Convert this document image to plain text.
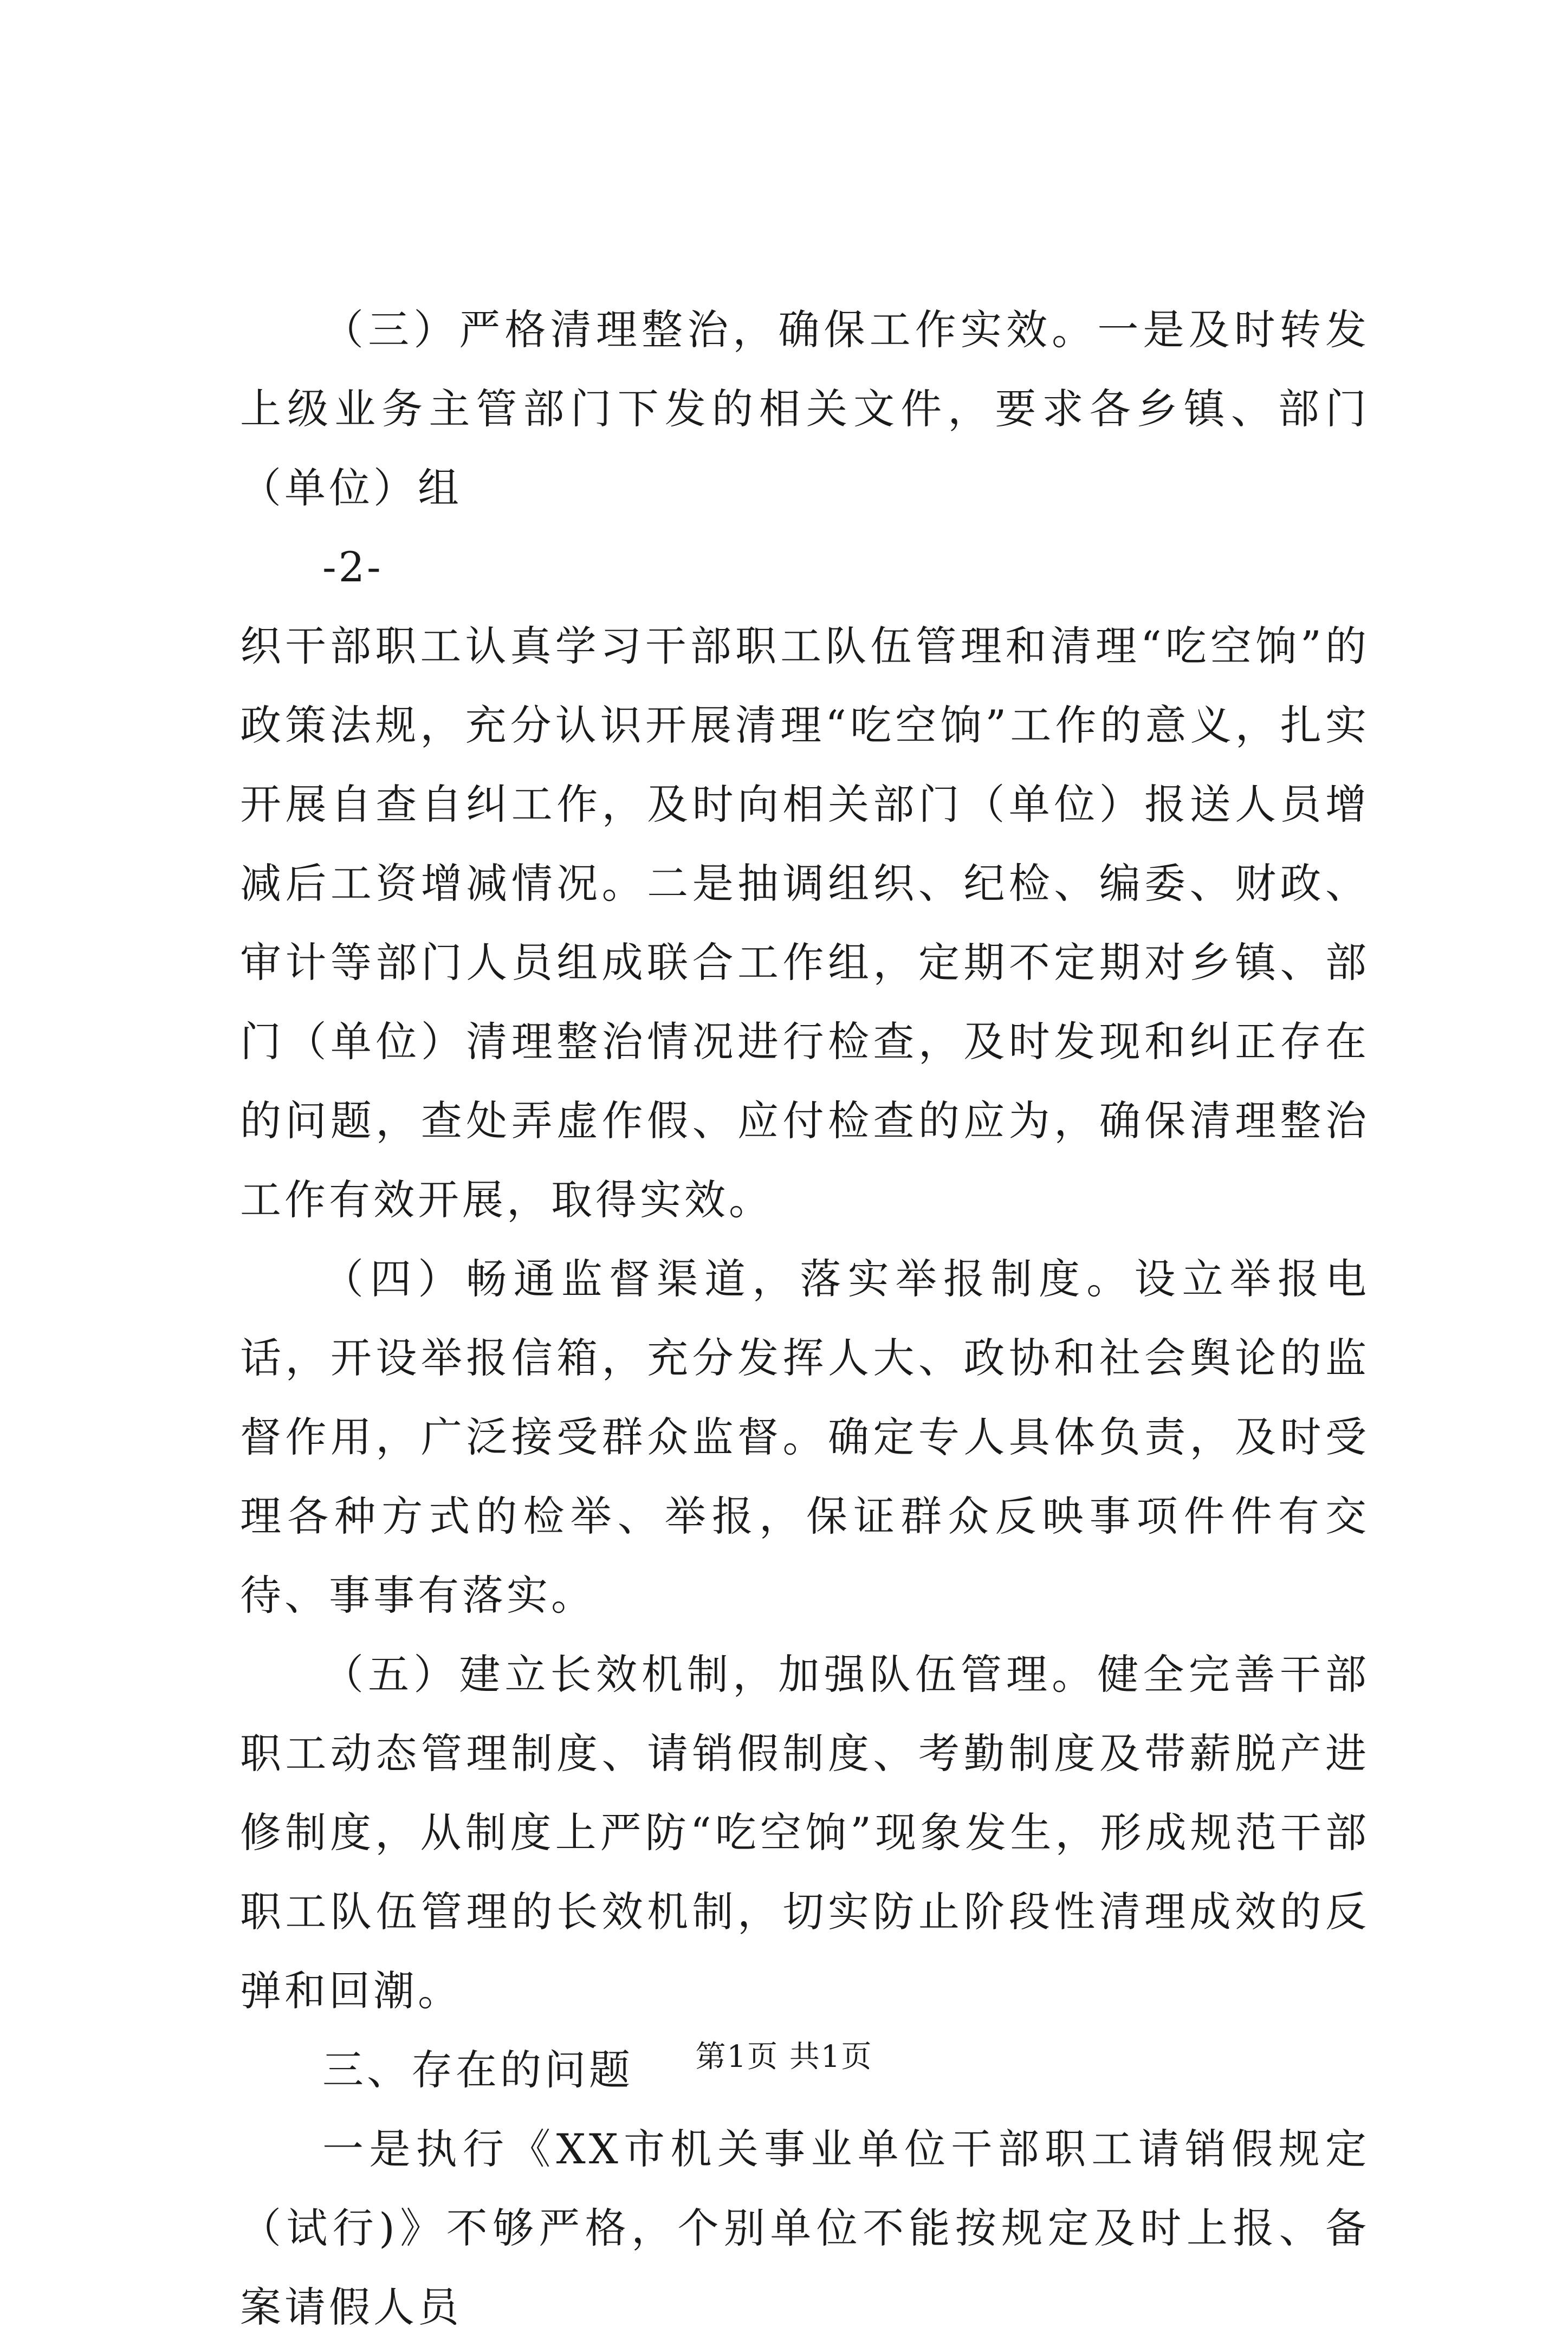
（三）严格清理整治，确保工作实效。一是及时转发上级业务主管部门下发的相关文件，要求各乡镇、部门（单位）组

-2-

织干部职工认真学习干部职工队伍管理和清理“吃空饷”的政策法规，充分认识开展清理“吃空饷”工作的意义，扎实开展自查自纠工作，及时向相关部门（单位）报送人员增减后工资增减情况。二是抽调组织、纪检、编委、财政、审计等部门人员组成联合工作组，定期不定期对乡镇、部门（单位）清理整治情况进行检查，及时发现和纠正存在的问题，查处弄虚作假、应付检查的应为，确保清理整治工作有效开展，取得实效。

（四）畅通监督渠道，落实举报制度。设立举报电话，开设举报信箱，充分发挥人大、政协和社会舆论的监督作用，广泛接受群众监督。确定专人具体负责，及时受理各种方式的检举、举报，保证群众反映事项件件有交待、事事有落实。

（五）建立长效机制，加强队伍管理。健全完善干部职工动态管理制度、请销假制度、考勤制度及带薪脱产进修制度，从制度上严防“吃空饷”现象发生，形成规范干部职工队伍管理的长效机制，切实防止阶段性清理成效的反弹和回潮。

三、存在的问题

一是执行《XX市机关事业单位干部职工请销假规定（试行)》不够严格，个别单位不能按规定及时上报、备案请假人员

第1页 共1页
